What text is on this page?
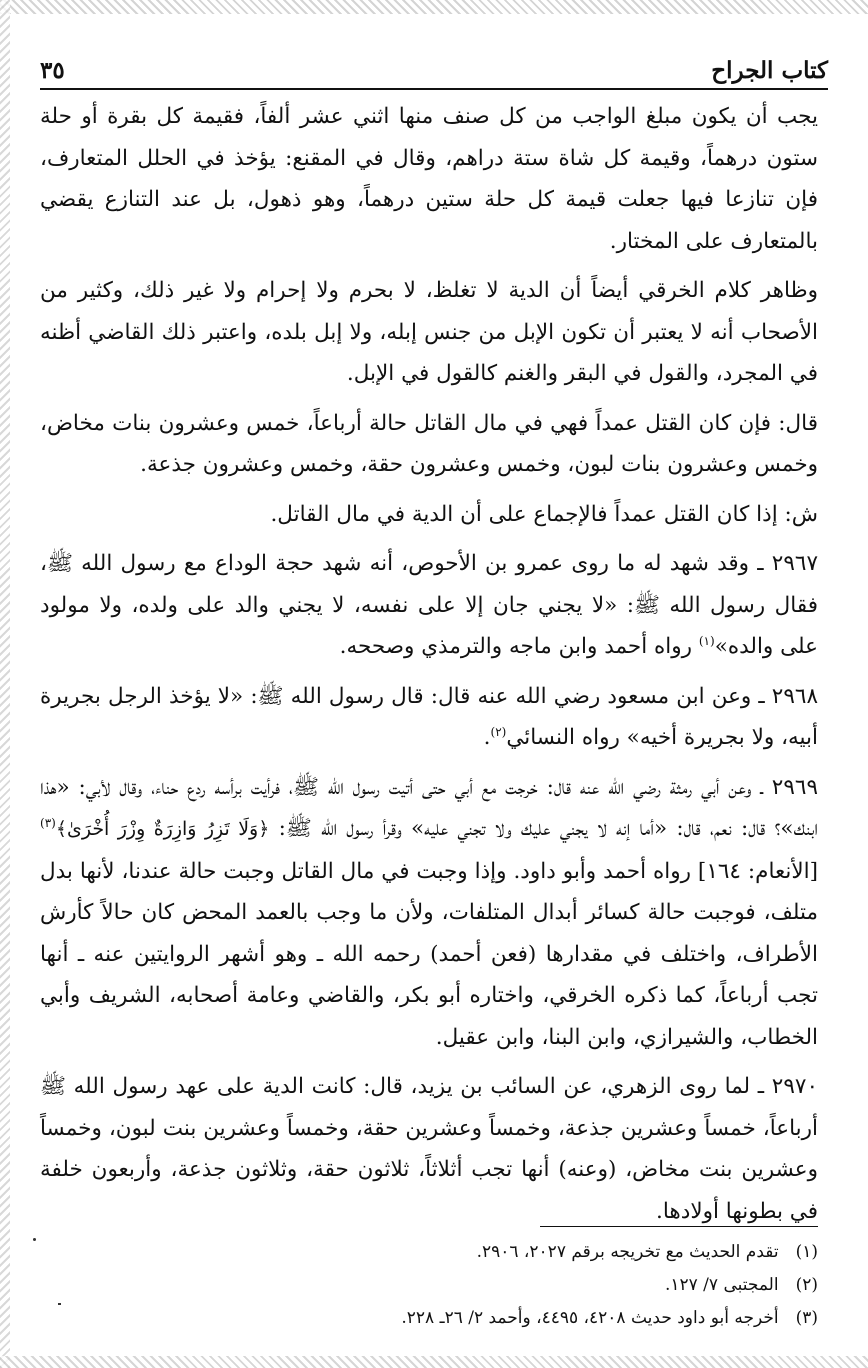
كتاب الجراح
٣٥

يجب أن يكون مبلغ الواجب من كل صنف منها اثني عشر ألفاً، فقيمة كل بقرة أو حلة ستون درهماً، وقيمة كل شاة ستة دراهم، وقال في المقنع: يؤخذ في الحلل المتعارف، فإن تنازعا فيها جعلت قيمة كل حلة ستين درهماً، وهو ذهول، بل عند التنازع يقضي بالمتعارف على المختار.

وظاهر كلام الخرقي أيضاً أن الدية لا تغلظ، لا بحرم ولا إحرام ولا غير ذلك، وكثير من الأصحاب أنه لا يعتبر أن تكون الإبل من جنس إبله، ولا إبل بلده، واعتبر ذلك القاضي أظنه في المجرد، والقول في البقر والغنم كالقول في الإبل.

قال: فإن كان القتل عمداً فهي في مال القاتل حالة أرباعاً، خمس وعشرون بنات مخاض، وخمس وعشرون بنات لبون، وخمس وعشرون حقة، وخمس وعشرون جذعة.

ش: إذا كان القتل عمداً فالإجماع على أن الدية في مال القاتل.

٢٩٦٧ ـ وقد شهد له ما روى عمرو بن الأحوص، أنه شهد حجة الوداع مع رسول الله ﷺ، فقال رسول الله ﷺ: «لا يجني جان إلا على نفسه، لا يجني والد على ولده، ولا مولود على والده»$^{(١)}$ رواه أحمد وابن ماجه والترمذي وصححه.

٢٩٦٨ ـ وعن ابن مسعود رضي الله عنه قال: قال رسول الله ﷺ: «لا يؤخذ الرجل بجريرة أبيه، ولا بجريرة أخيه» رواه النسائي$^{(٢)}$.

٢٩٦٩ ـ وعن أبي رمثة رضي الله عنه قال: خرجت مع أبي حتى أتيت رسول الله ﷺ، فرأيت برأسه ردع حناء، وقال لأبي: «هذا ابنك»؟ قال: نعم، قال: «أما إنه لا يجني عليك ولا تجني عليه» وقرأ رسول الله ﷺ: ﴿وَلَا تَزِرُ وَازِرَةٌ وِزْرَ أُخْرَىٰ﴾$^{(٣)}$ [الأنعام: ١٦٤] رواه أحمد وأبو داود. وإذا وجبت في مال القاتل وجبت حالة عندنا، لأنها بدل متلف، فوجبت حالة كسائر أبدال المتلفات، ولأن ما وجب بالعمد المحض كان حالاً كأرش الأطراف، واختلف في مقدارها (فعن أحمد) رحمه الله ـ وهو أشهر الروايتين عنه ـ أنها تجب أرباعاً، كما ذكره الخرقي، واختاره أبو بكر، والقاضي وعامة أصحابه، الشريف وأبي الخطاب، والشيرازي، وابن البنا، وابن عقيل.

٢٩٧٠ ـ لما روى الزهري، عن السائب بن يزيد، قال: كانت الدية على عهد رسول الله ﷺ أرباعاً، خمساً وعشرين جذعة، وخمساً وعشرين حقة، وخمساً وعشرين بنت لبون، وخمساً وعشرين بنت مخاض، (وعنه) أنها تجب أثلاثاً، ثلاثون حقة، وثلاثون جذعة، وأربعون خلفة في بطونها أولادها.

(١) تقدم الحديث مع تخريجه برقم ٢٠٢٧، ٢٩٠٦.

(٢) المجتبى ٧/ ١٢٧.

(٣) أخرجه أبو داود حديث ٤٢٠٨، ٤٤٩٥، وأحمد ٢/ ٢٦ـ ٢٢٨.
